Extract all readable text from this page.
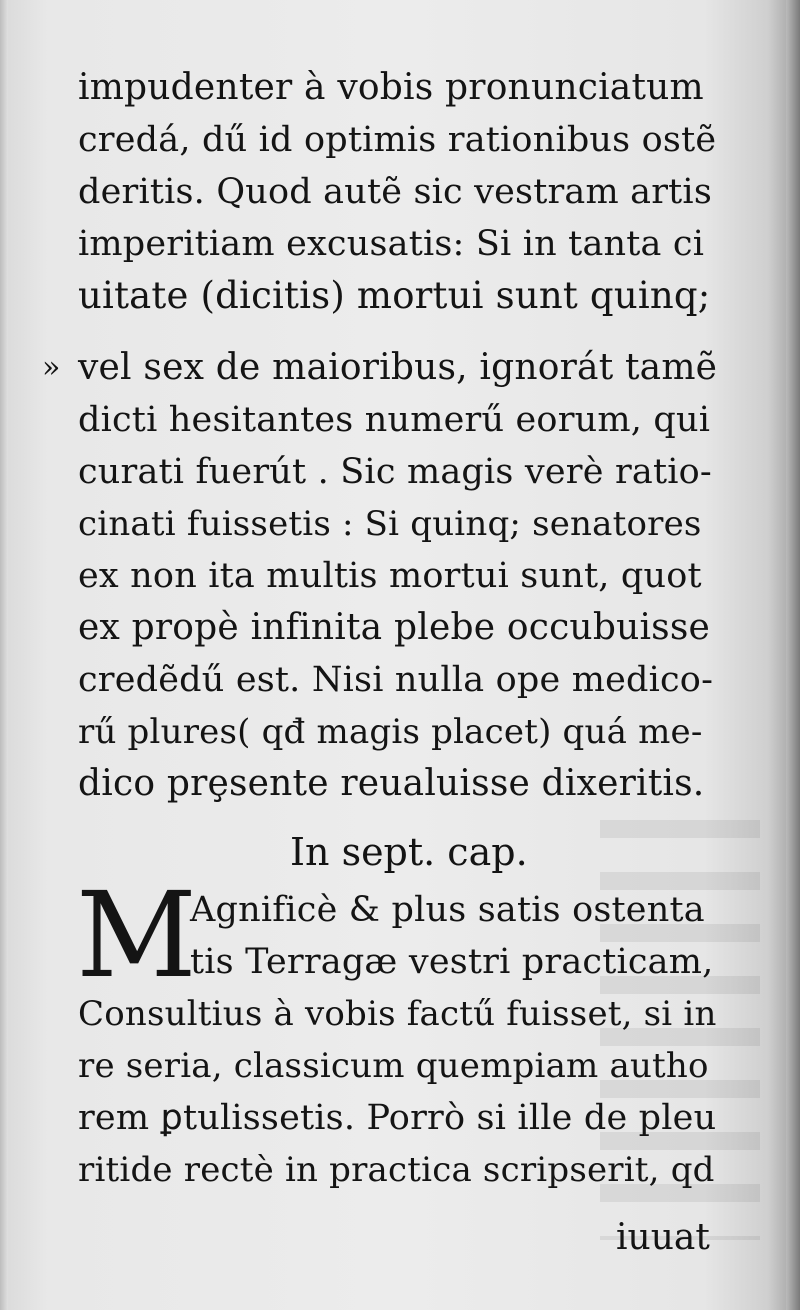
»
impudenter à vobis pronunciatum
credá, dű id optimis rationibus ostẽ
deritis. Quod autẽ sic vestram artis
imperitiam excusatis: Si in tanta ci
uitate (dicitis) mortui sunt quinq;
vel sex de maioribus, ignorát tamẽ
dicti hesitantes numerű eorum, qui
curati fuerút . Sic magis verè ratio-
cinati fuissetis : Si quinq; senatores
ex non ita multis mortui sunt, quot
ex propè infinita plebe occubuisse
credẽdű est. Nisi nulla ope medico-
rű plures( qđ magis placet) quá me-
dico prȩsente reualuisse dixeritis.
In sept. cap.
M
Agnificè & plus satis ostenta
tis Terragæ vestri practicam,
Consultius à vobis factű fuisset, si in
re seria, classicum quempiam autho
rem ꝑtulissetis. Porrò si ille de pleu
ritide rectè in practica scripserit, qd
iuuat
